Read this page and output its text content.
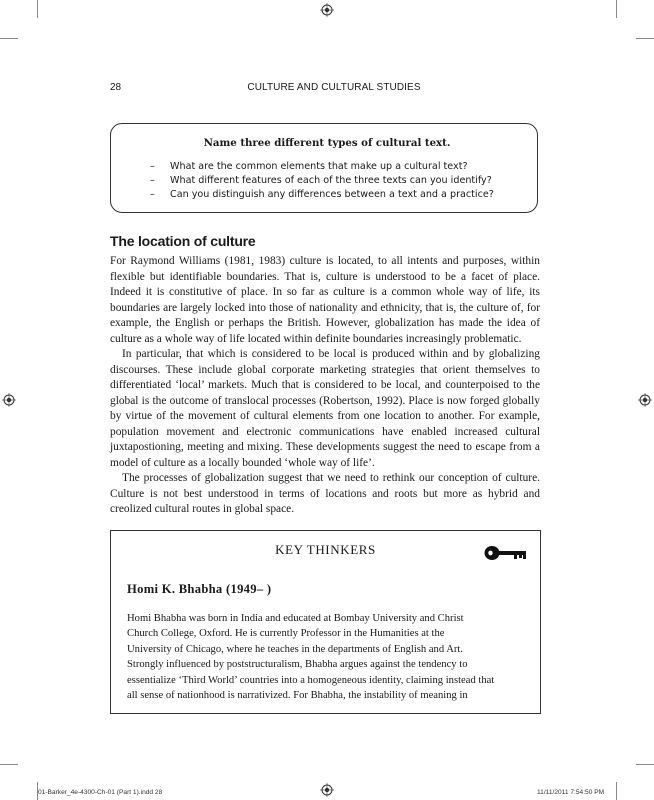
28	CULTURE AND CULTURAL STUDIES
Name three different types of cultural text.
– What are the common elements that make up a cultural text?
– What different features of each of the three texts can you identify?
– Can you distinguish any differences between a text and a practice?
The location of culture

For Raymond Williams (1981, 1983) culture is located, to all intents and purposes, within flexible but identifiable boundaries. That is, culture is understood to be a facet of place. Indeed it is constitutive of place. In so far as culture is a common whole way of life, its boundaries are largely locked into those of nationality and ethnicity, that is, the culture of, for example, the English or perhaps the British. However, globalization has made the idea of culture as a whole way of life located within definite boundaries increasingly problematic.

In particular, that which is considered to be local is produced within and by globalizing discourses. These include global corporate marketing strategies that orient themselves to differentiated ‘local’ markets. Much that is considered to be local, and counterpoised to the global is the outcome of translocal processes (Robertson, 1992). Place is now forged globally by virtue of the movement of cultural elements from one location to another. For example, population movement and electronic communications have enabled increased cultural juxtapostioning, meeting and mixing. These developments suggest the need to escape from a model of culture as a locally bounded ‘whole way of life’.

The processes of globalization suggest that we need to rethink our conception of culture. Culture is not best understood in terms of locations and roots but more as hybrid and creolized cultural routes in global space.

KEY THINKERS
Homi K. Bhabha (1949– )
Homi Bhabha was born in India and educated at Bombay University and Christ
Church College, Oxford. He is currently Professor in the Humanities at the
University of Chicago, where he teaches in the departments of English and Art.
Strongly influenced by poststructuralism, Bhabha argues against the tendency to
essentialize ‘Third World’ countries into a homogeneous identity, claiming instead that
all sense of nationhood is narrativized. For Bhabha, the instability of meaning in
01-Barker_4e-4300-Ch-01 (Part 1).indd 28	11/11/2011 7:54:50 PM
